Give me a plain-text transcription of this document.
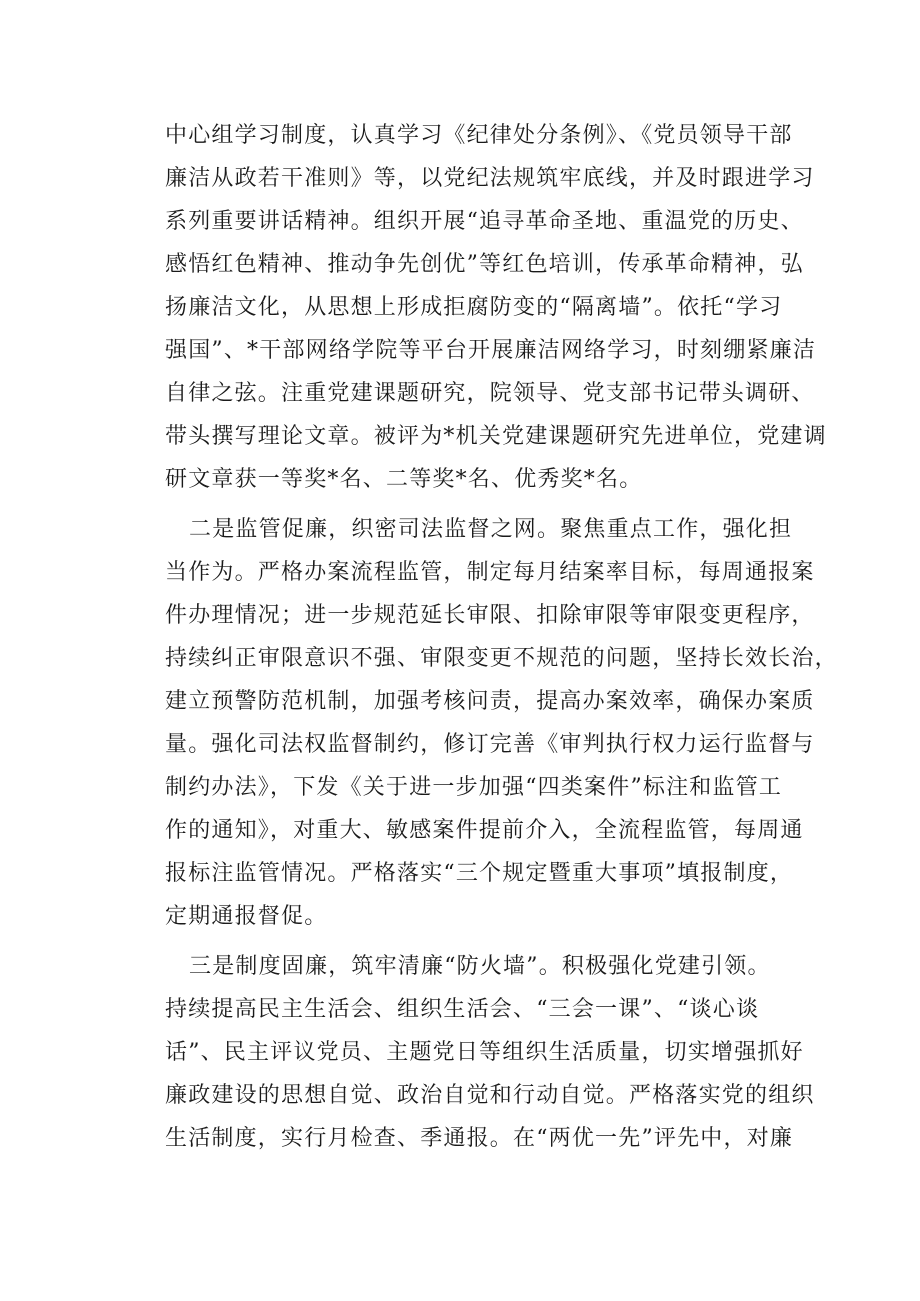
中心组学习制度，认真学习《纪律处分条例》、《党员领导干部
廉洁从政若干准则》等，以党纪法规筑牢底线，并及时跟进学习
系列重要讲话精神。组织开展“追寻革命圣地、重温党的历史、
感悟红色精神、推动争先创优”等红色培训，传承革命精神，弘
扬廉洁文化，从思想上形成拒腐防变的“隔离墙”。依托“学习
强国”、*干部网络学院等平台开展廉洁网络学习，时刻绷紧廉洁
自律之弦。注重党建课题研究，院领导、党支部书记带头调研、
带头撰写理论文章。被评为*机关党建课题研究先进单位，党建调
研文章获一等奖*名、二等奖*名、优秀奖*名。
二是监管促廉，织密司法监督之网。聚焦重点工作，强化担
当作为。严格办案流程监管，制定每月结案率目标，每周通报案
件办理情况；进一步规范延长审限、扣除审限等审限变更程序，
持续纠正审限意识不强、审限变更不规范的问题，坚持长效长治，
建立预警防范机制，加强考核问责，提高办案效率，确保办案质
量。强化司法权监督制约，修订完善《审判执行权力运行监督与
制约办法》，下发《关于进一步加强“四类案件”标注和监管工
作的通知》，对重大、敏感案件提前介入，全流程监管，每周通
报标注监管情况。严格落实“三个规定暨重大事项”填报制度，
定期通报督促。
三是制度固廉，筑牢清廉“防火墙”。积极强化党建引领。
持续提高民主生活会、组织生活会、“三会一课”、“谈心谈
话”、民主评议党员、主题党日等组织生活质量，切实增强抓好
廉政建设的思想自觉、政治自觉和行动自觉。严格落实党的组织
生活制度，实行月检查、季通报。在“两优一先”评先中，对廉
